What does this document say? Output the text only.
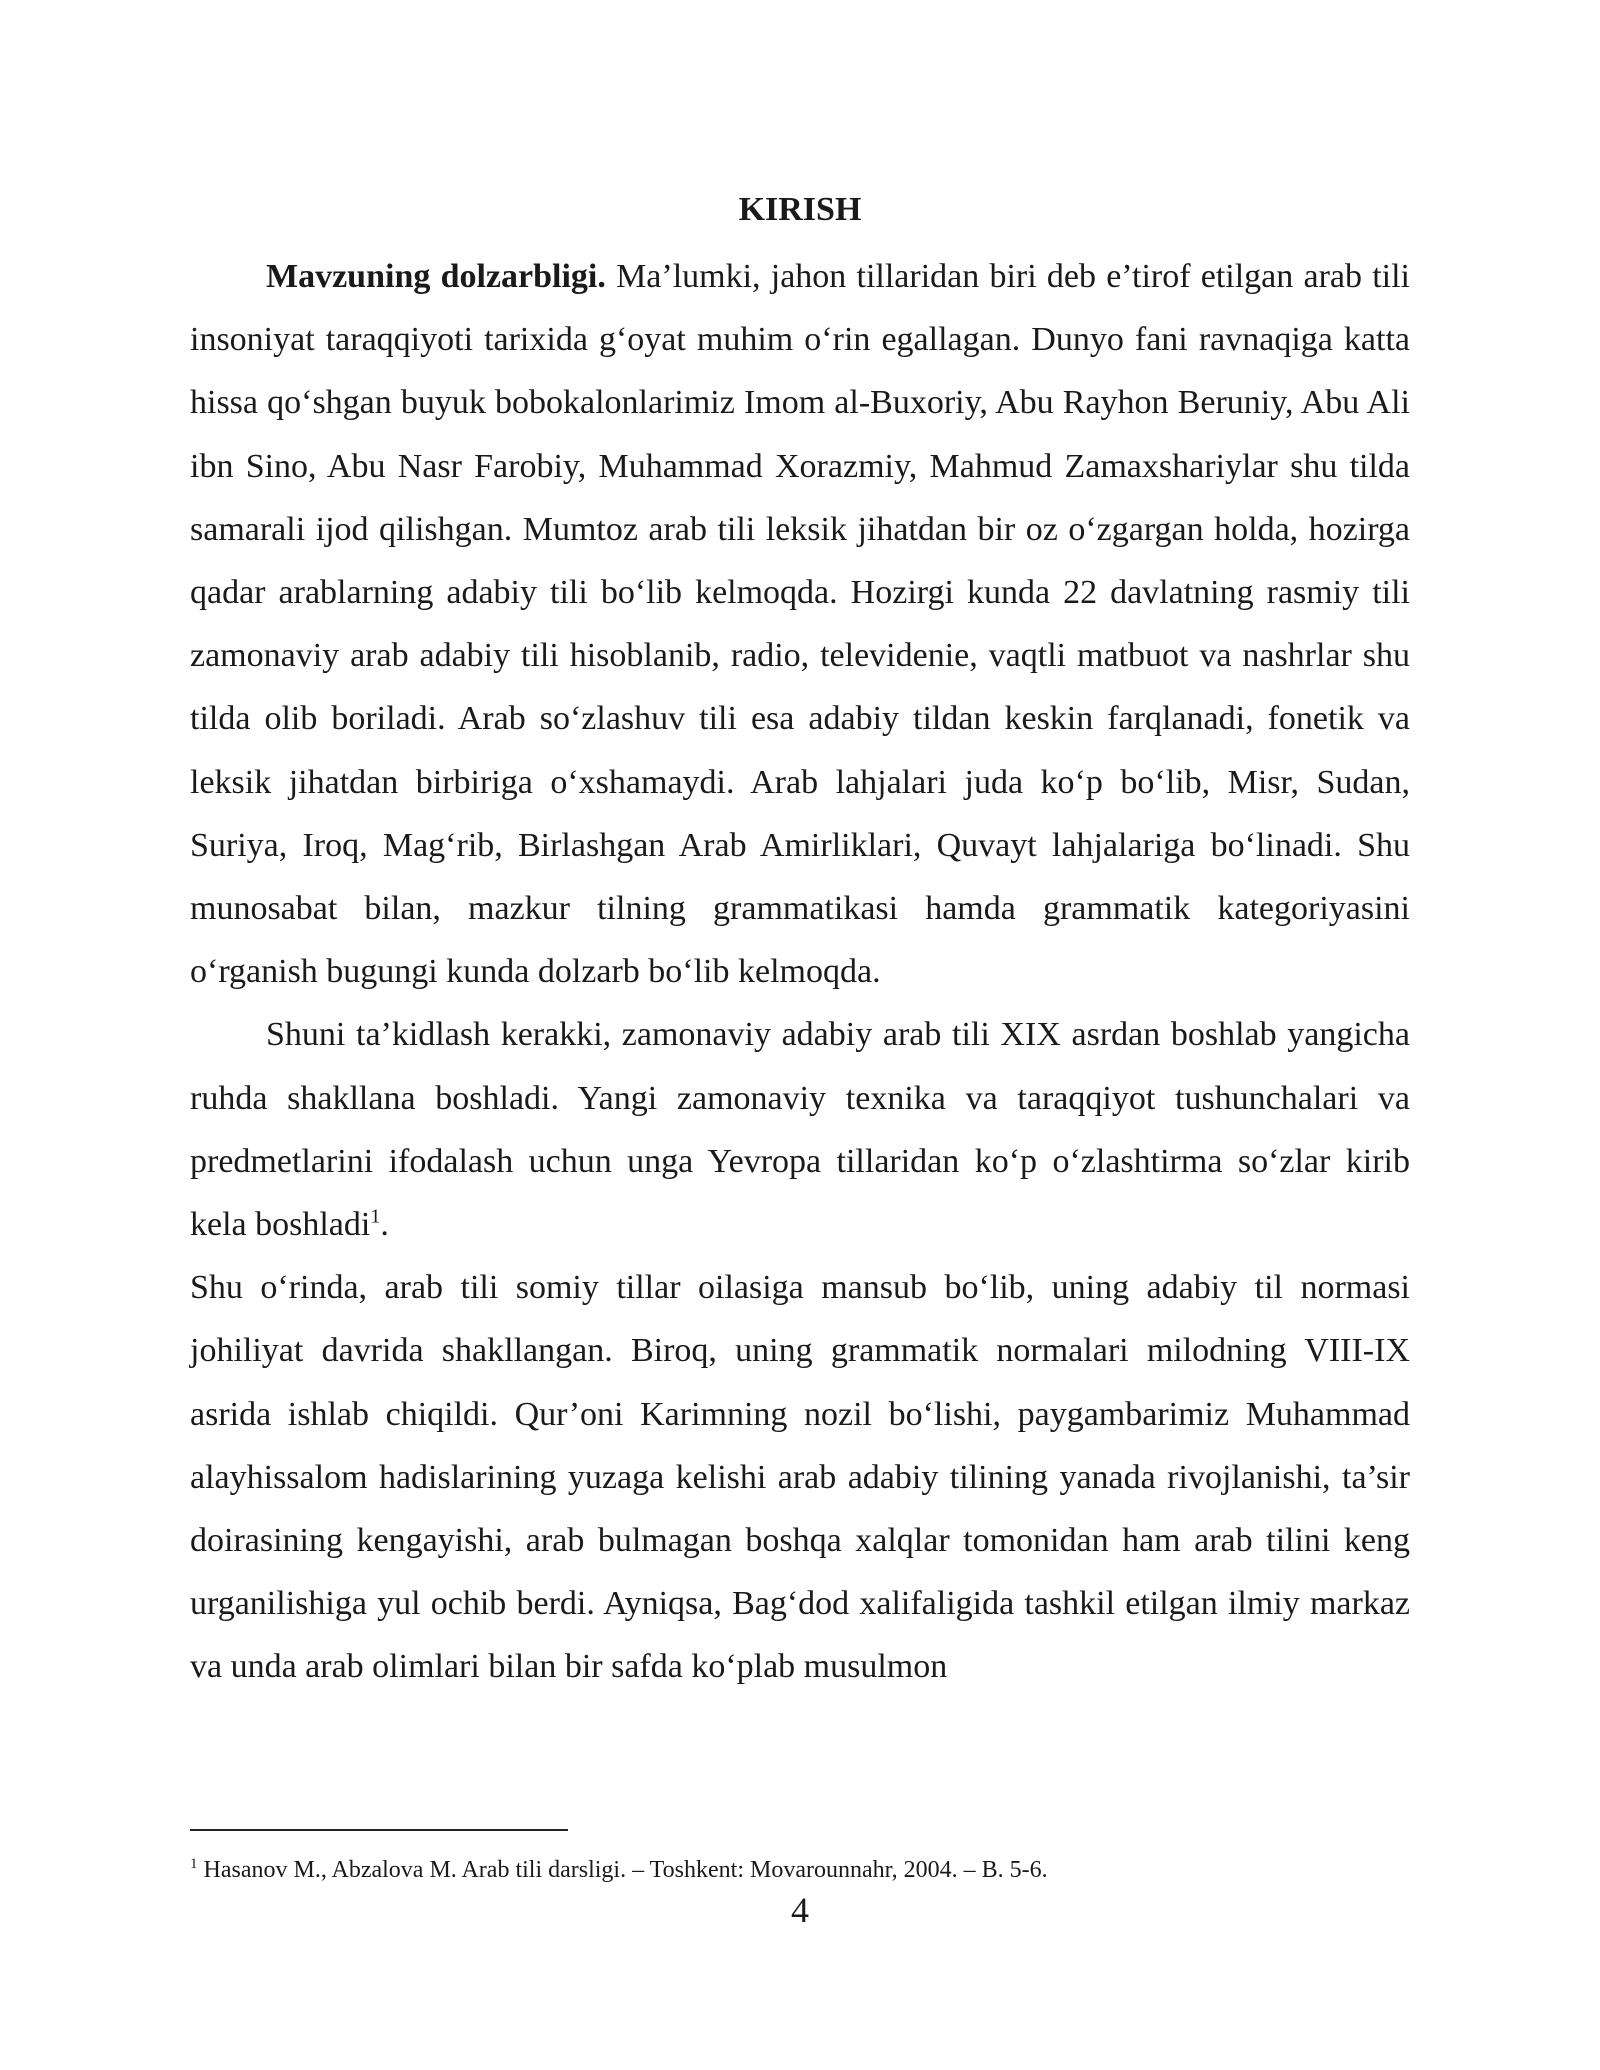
KIRISH

Mavzuning dolzarbligi. Ma’lumki, jahon tillaridan biri deb e’tirof etilgan arab tili insoniyat taraqqiyoti tarixida g‘oyat muhim o‘rin egallagan. Dunyo fani ravnaqiga katta hissa qo‘shgan buyuk bobokalonlarimiz Imom al-Buxoriy, Abu Rayhon Beruniy, Abu Ali ibn Sino, Abu Nasr Farobiy, Muhammad Xorazmiy, Mahmud Zamaxshariylar shu tilda samarali ijod qilishgan. Mumtoz arab tili leksik jihatdan bir oz o‘zgargan holda, hozirga qadar arablarning adabiy tili bo‘lib kelmoqda. Hozirgi kunda 22 davlatning rasmiy tili zamonaviy arab adabiy tili hisoblanib, radio, televidenie, vaqtli matbuot va nashrlar shu tilda olib boriladi. Arab so‘zlashuv tili esa adabiy tildan keskin farqlanadi, fonetik va leksik jihatdan birbiriga o‘xshamaydi. Arab lahjalari juda ko‘p bo‘lib, Misr, Sudan, Suriya, Iroq, Mag‘rib, Birlashgan Arab Amirliklari, Quvayt lahjalariga bo‘linadi. Shu munosabat bilan, mazkur tilning grammatikasi hamda grammatik kategoriyasini o‘rganish bugungi kunda dolzarb bo‘lib kelmoqda.

Shuni ta’kidlash kerakki, zamonaviy adabiy arab tili XIX asrdan boshlab yangicha ruhda shakllana boshladi. Yangi zamonaviy texnika va taraqqiyot tushunchalari va predmetlarini ifodalash uchun unga Yevropa tillaridan ko‘p o‘zlashtirma so‘zlar kirib kela boshladi$^1$.

Shu o‘rinda, arab tili somiy tillar oilasiga mansub bo‘lib, uning adabiy til normasi johiliyat davrida shakllangan. Biroq, uning grammatik normalari milodning VIII-IX asrida ishlab chiqildi. Qur’oni Karimning nozil bo‘lishi, paygambarimiz Muhammad alayhissalom hadislarining yuzaga kelishi arab adabiy tilining yanada rivojlanishi, ta’sir doirasining kengayishi, arab bulmagan boshqa xalqlar tomonidan ham arab tilini keng urganilishiga yul ochib berdi. Ayniqsa, Bag‘dod xalifaligida tashkil etilgan ilmiy markaz va unda arab olimlari bilan bir safda ko‘plab musulmon

$^1$ Hasanov M., Abzalova M. Arab tili darsligi. – Toshkent: Movarounnahr, 2004. – B. 5-6.

4
